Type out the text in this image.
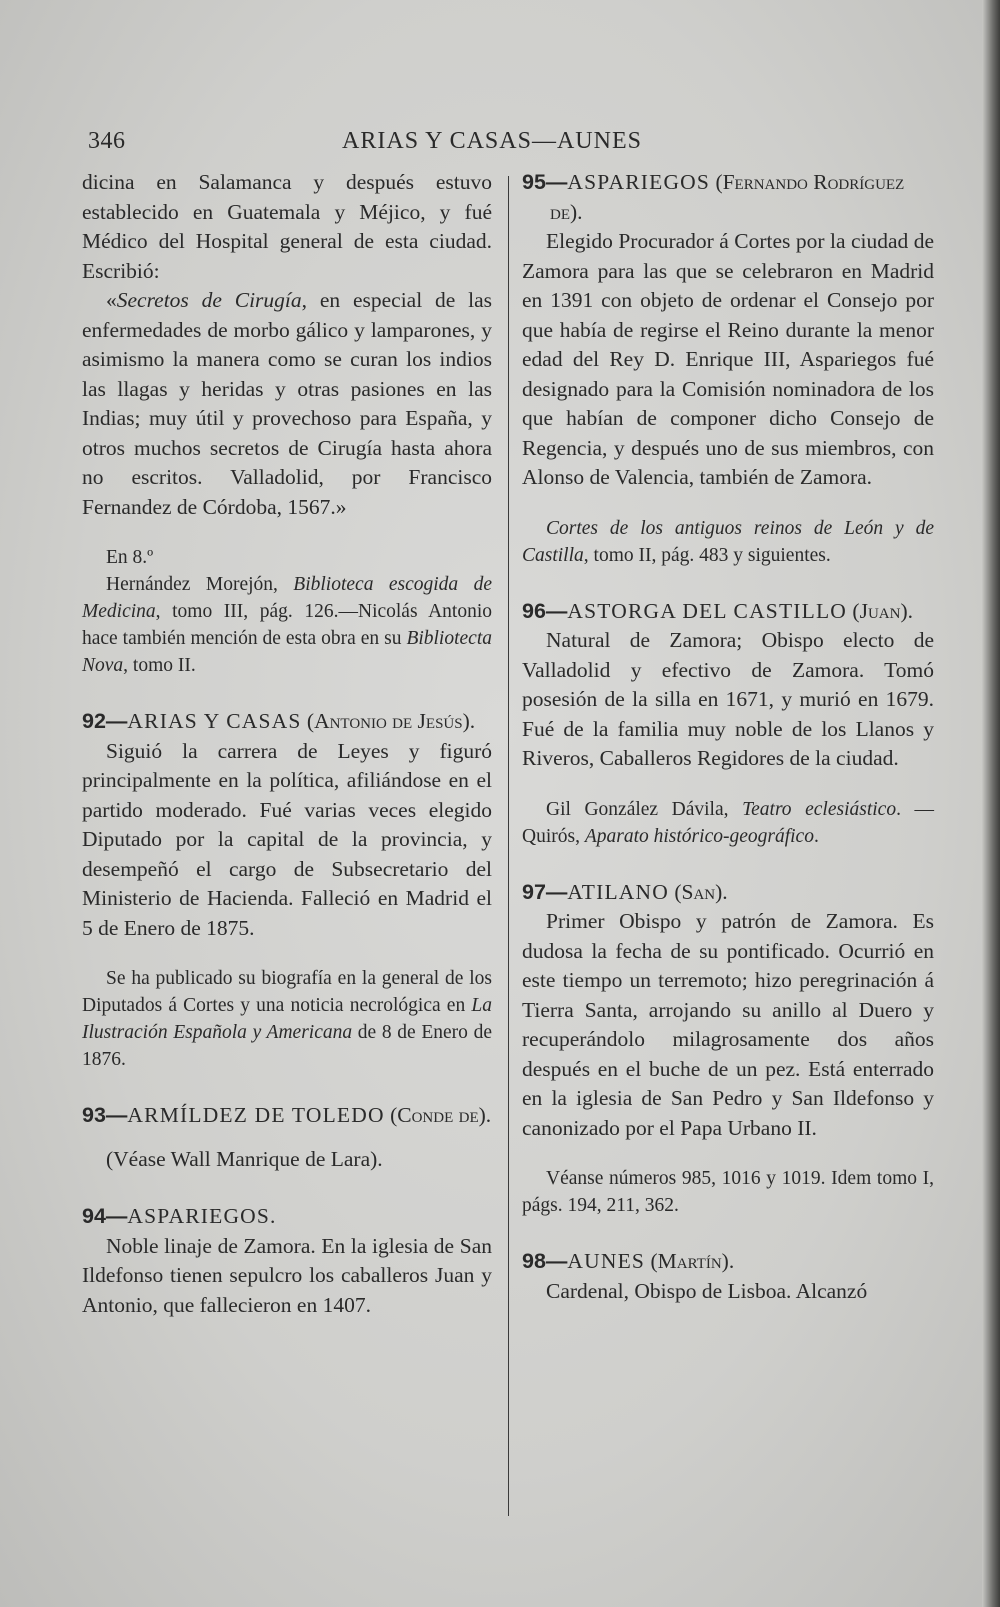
346	ARIAS Y CASAS—AUNES

dicina en Salamanca y después estuvo establecido en Guatemala y Méjico, y fué Médico del Hospital general de esta ciudad. Escribió:

«Secretos de Cirugía, en especial de las enfermedades de morbo gálico y lamparones, y asimismo la manera como se curan los indios las llagas y heridas y otras pasiones en las Indias; muy útil y provechoso para España, y otros muchos secretos de Cirugía hasta ahora no escritos. Valladolid, por Francisco Fernandez de Córdoba, 1567.»

En 8.º

Hernández Morejón, Biblioteca escogida de Medicina, tomo III, pág. 126.—Nicolás Antonio hace también mención de esta obra en su Bibliotecta Nova, tomo II.

92—ARIAS Y CASAS (Antonio de Jesús).

Siguió la carrera de Leyes y figuró principalmente en la política, afiliándose en el partido moderado. Fué varias veces elegido Diputado por la capital de la provincia, y desempeñó el cargo de Subsecretario del Ministerio de Hacienda. Falleció en Madrid el 5 de Enero de 1875.

Se ha publicado su biografía en la general de los Diputados á Cortes y una noticia necrológica en La Ilustración Española y Americana de 8 de Enero de 1876.

93—ARMÍLDEZ DE TOLEDO (Conde de).

(Véase Wall Manrique de Lara).

94—ASPARIEGOS.

Noble linaje de Zamora. En la iglesia de San Ildefonso tienen sepulcro los caballeros Juan y Antonio, que fallecieron en 1407.

95—ASPARIEGOS (Fernando Rodríguez de).

Elegido Procurador á Cortes por la ciudad de Zamora para las que se celebraron en Madrid en 1391 con objeto de ordenar el Consejo por que había de regirse el Reino durante la menor edad del Rey D. Enrique III, Aspariegos fué designado para la Comisión nominadora de los que habían de componer dicho Consejo de Regencia, y después uno de sus miembros, con Alonso de Valencia, también de Zamora.

Cortes de los antiguos reinos de León y de Castilla, tomo II, pág. 483 y siguientes.

96—ASTORGA DEL CASTILLO (Juan).

Natural de Zamora; Obispo electo de Valladolid y efectivo de Zamora. Tomó posesión de la silla en 1671, y murió en 1679. Fué de la familia muy noble de los Llanos y Riveros, Caballeros Regidores de la ciudad.

Gil González Dávila, Teatro eclesiástico. —Quirós, Aparato histórico-geográfico.

97—ATILANO (San).

Primer Obispo y patrón de Zamora. Es dudosa la fecha de su pontificado. Ocurrió en este tiempo un terremoto; hizo peregrinación á Tierra Santa, arrojando su anillo al Duero y recuperándolo milagrosamente dos años después en el buche de un pez. Está enterrado en la iglesia de San Pedro y San Ildefonso y canonizado por el Papa Urbano II.

Véanse números 985, 1016 y 1019. Idem tomo I, págs. 194, 211, 362.

98—AUNES (Martín).

Cardenal, Obispo de Lisboa. Alcanzó
